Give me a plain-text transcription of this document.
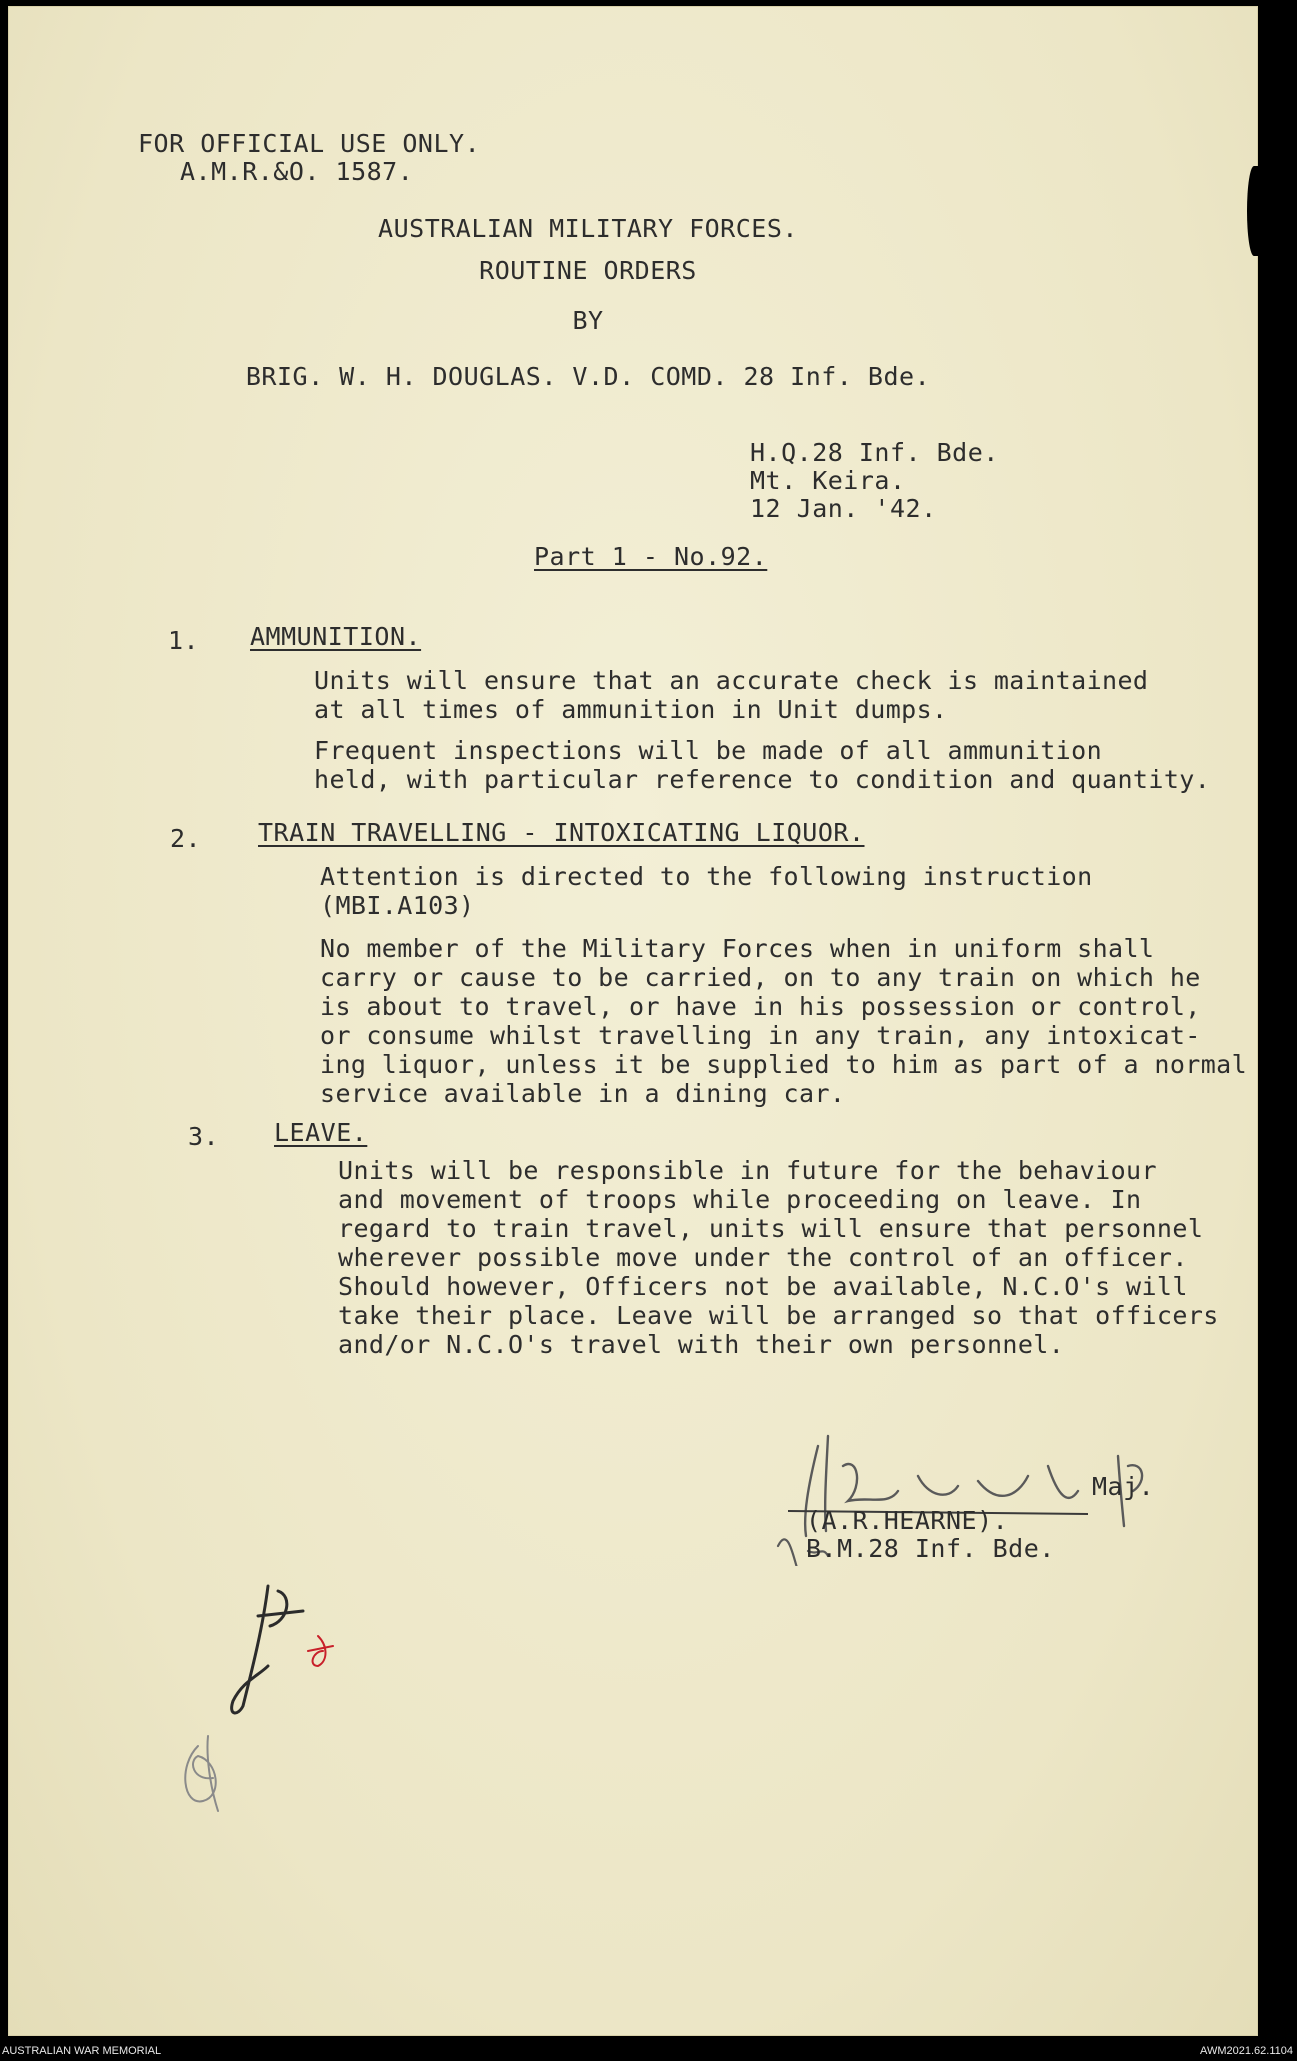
FOR OFFICIAL USE ONLY.
A.M.R.&O. 1587.
AUSTRALIAN MILITARY FORCES.
ROUTINE ORDERS
BY
BRIG. W. H. DOUGLAS. V.D. COMD. 28 Inf. Bde.
H.Q.28 Inf. Bde.
Mt. Keira.
12 Jan. '42.
Part 1 - No.92.
1. AMMUNITION.
Units will ensure that an accurate check is maintained
at all times of ammunition in Unit dumps.
Frequent inspections will be made of all ammunition
held, with particular reference to condition and quantity.
2. TRAIN TRAVELLING - INTOXICATING LIQUOR.
Attention is directed to the following instruction
(MBI.A103)
No member of the Military Forces when in uniform shall
carry or cause to be carried, on to any train on which he
is about to travel, or have in his possession or control,
or consume whilst travelling in any train, any intoxicat-
ing liquor, unless it be supplied to him as part of a normal
service available in a dining car.
3. LEAVE.
Units will be responsible in future for the behaviour
and movement of troops while proceeding on leave. In
regard to train travel, units will ensure that personnel
wherever possible move under the control of an officer.
Should however, Officers not be available, N.C.O's will
take their place. Leave will be arranged so that officers
and/or N.C.O's travel with their own personnel.
Maj.
(A.R.HEARNE).
B.M.28 Inf. Bde.
AUSTRALIAN WAR MEMORIAL	AWM2021.62.1104
